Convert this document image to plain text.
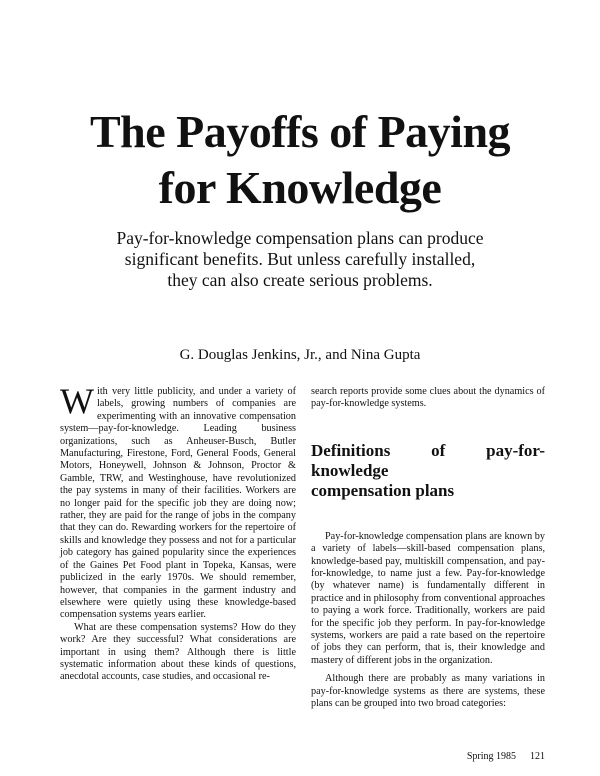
The Payoffs of Paying
for Knowledge

Pay-for-knowledge compensation plans can produce
significant benefits. But unless carefully installed,
they can also create serious problems.

G. Douglas Jenkins, Jr., and Nina Gupta

With very little publicity, and under a variety of labels, growing numbers of companies are experimenting with an innovative compensation system—pay-for-knowledge. Leading business organizations, such as Anheuser-Busch, Butler Manufacturing, Firestone, Ford, General Foods, General Motors, Honeywell, Johnson & Johnson, Proctor & Gamble, TRW, and Westinghouse, have revolutionized the pay systems in many of their facilities. Workers are no longer paid for the specific job they are doing now; rather, they are paid for the range of jobs in the company that they can do. Rewarding workers for the repertoire of skills and knowledge they possess and not for a particular job category has gained popularity since the experiences of the Gaines Pet Food plant in Topeka, Kansas, were publicized in the early 1970s. We should remember, however, that companies in the garment industry and elsewhere were quietly using these knowledge-based compensation systems years earlier.

What are these compensation systems? How do they work? Are they successful? What considerations are important in using them? Although there is little systematic information about these kinds of questions, anecdotal accounts, case studies, and occasional re-

search reports provide some clues about the dynamics of pay-for-knowledge systems.

Definitions of pay-for-knowledge
compensation plans

Pay-for-knowledge compensation plans are known by a variety of labels—skill-based compensation plans, knowledge-based pay, multiskill compensation, and pay-for-knowledge, to name just a few. Pay-for-knowledge (by whatever name) is fundamentally different in practice and in philosophy from conventional approaches to paying a work force. Traditionally, workers are paid for the specific job they perform. In pay-for-knowledge systems, workers are paid a rate based on the repertoire of jobs they can perform, that is, their knowledge and mastery of different jobs in the organization.

Although there are probably as many variations in pay-for-knowledge systems as there are systems, these plans can be grouped into two broad categories:

Spring 1985 121
